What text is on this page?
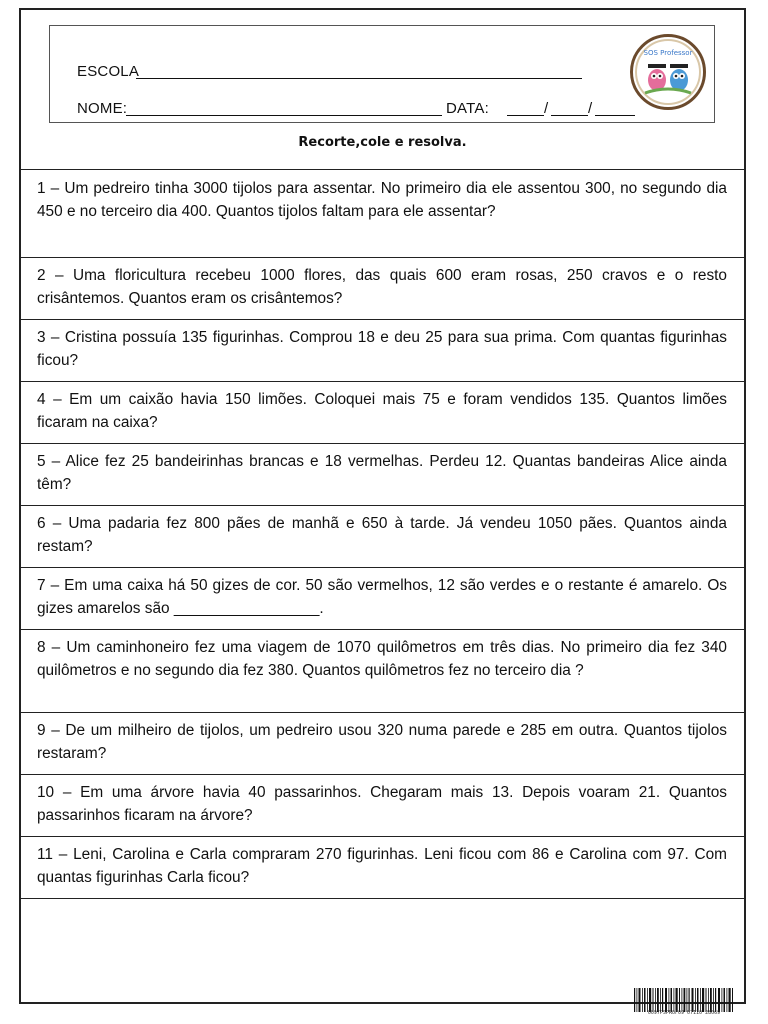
ESCOLA
NOME:	DATA:	/	/
SOS Professor
Recorte,cole e resolva.
1 – Um pedreiro tinha 3000 tijolos para assentar. No primeiro dia ele assentou 300, no segundo dia 450 e no terceiro dia 400. Quantos tijolos faltam para ele assentar?
2 – Uma floricultura recebeu 1000 flores, das quais 600 eram rosas, 250 cravos e o resto crisântemos. Quantos eram os crisântemos?
3 – Cristina possuía 135 figurinhas. Comprou 18 e deu 25 para sua prima. Com quantas figurinhas ficou?
4 – Em um caixão havia 150 limões. Coloquei mais 75 e foram vendidos 135. Quantos limões ficaram na caixa?
5 – Alice fez 25 bandeirinhas brancas e 18 vermelhas. Perdeu 12. Quantas bandeiras Alice ainda têm?
6 – Uma padaria fez 800 pães de manhã e 650 à tarde. Já vendeu 1050 pães. Quantos ainda restam?
7 – Em uma caixa há 50 gizes de cor. 50 são vermelhos, 12 são verdes e o restante é amarelo. Os gizes amarelos são _________________.
8 – Um caminhoneiro fez uma viagem de 1070 quilômetros em três dias. No primeiro dia fez 340 quilômetros e no segundo dia fez 380. Quantos quilômetros fez no terceiro dia ?
9 – De um milheiro de tijolos, um pedreiro usou 320 numa parede e 285 em outra. Quantos tijolos restaram?
10 – Em uma árvore havia 40 passarinhos. Chegaram mais 13. Depois voaram 21. Quantos passarinhos ficaram na árvore?
11 – Leni, Carolina e Carla compraram 270 figurinhas. Leni ficou com 86 e Carolina com 97. Com quantas figurinhas Carla ficou?
0097PSPROF09 07110 28069
